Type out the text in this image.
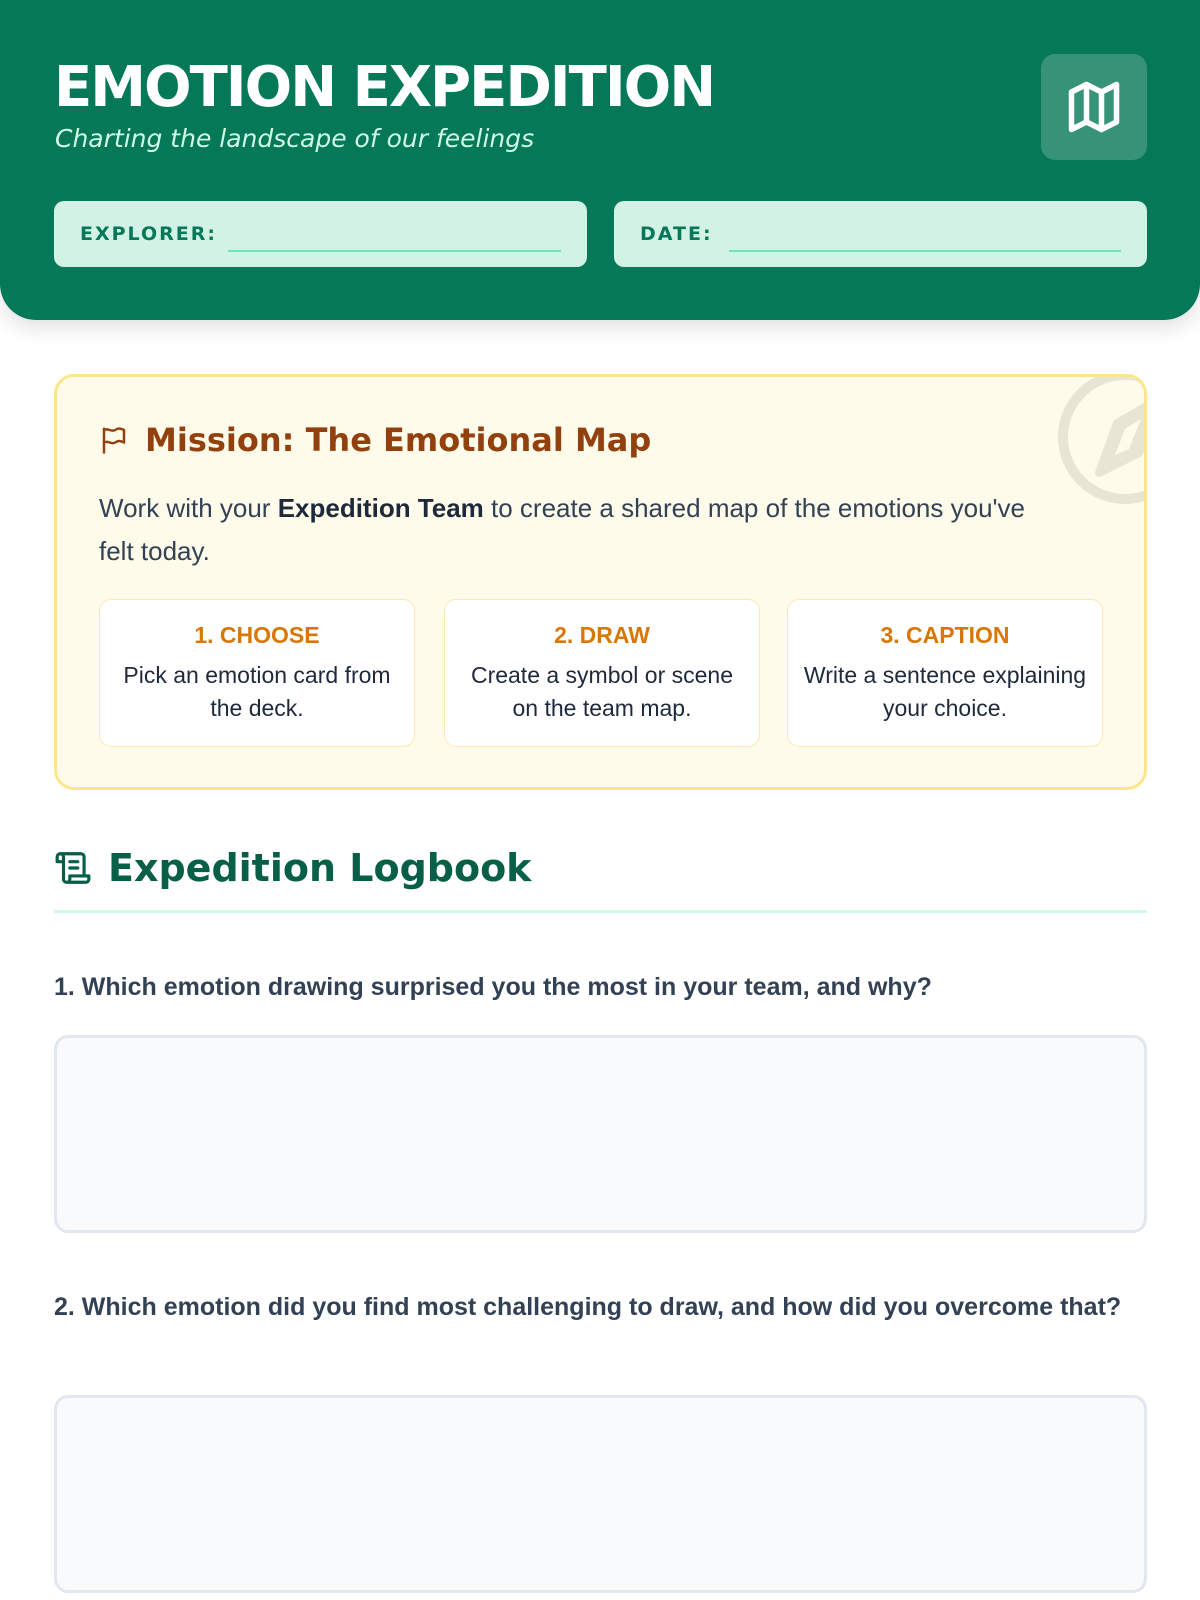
EMOTION EXPEDITION
Charting the landscape of our feelings
EXPLORER:	DATE:
Mission: The Emotional Map
Work with your Expedition Team to create a shared map of the emotions you've felt today.
1. CHOOSE
Pick an emotion card from the deck.
2. DRAW
Create a symbol or scene on the team map.
3. CAPTION
Write a sentence explaining your choice.
Expedition Logbook
1. Which emotion drawing surprised you the most in your team, and why?
2. Which emotion did you find most challenging to draw, and how did you overcome that?
